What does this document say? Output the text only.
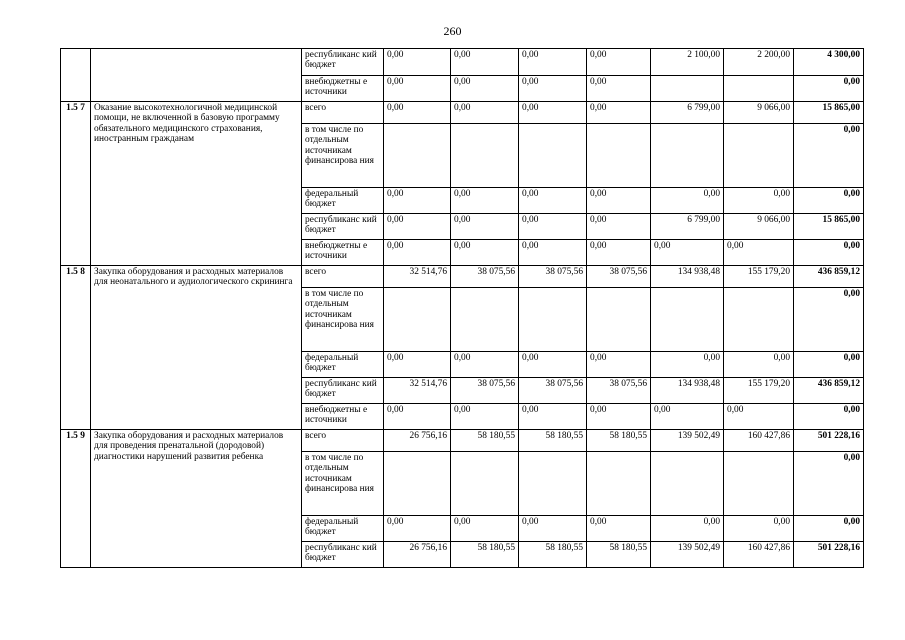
260
		республиканс кий бюджет	0,00	0,00	0,00	0,00	2 100,00	2 200,00	4 300,00
		внебюджетны е источники	0,00	0,00	0,00	0,00			0,00
1.5 7	Оказание высокотехнологичной медицинской помощи, не включенной в базовую программу обязательного медицинского страхования, иностранным гражданам	всего	0,00	0,00	0,00	0,00	6 799,00	9 066,00	15 865,00
		в том числе по отдельным источникам финансирова ния							0,00
		федеральный бюджет	0,00	0,00	0,00	0,00	0,00	0,00	0,00
		республиканс кий бюджет	0,00	0,00	0,00	0,00	6 799,00	9 066,00	15 865,00
		внебюджетны е источники	0,00	0,00	0,00	0,00	0,00	0,00	0,00
1.5 8	Закупка оборудования и расходных материалов для неонатального и аудиологического скрининга	всего	32 514,76	38 075,56	38 075,56	38 075,56	134 938,48	155 179,20	436 859,12
		в том числе по отдельным источникам финансирова ния							0,00
		федеральный бюджет	0,00	0,00	0,00	0,00	0,00	0,00	0,00
		республиканс кий бюджет	32 514,76	38 075,56	38 075,56	38 075,56	134 938,48	155 179,20	436 859,12
		внебюджетны е источники	0,00	0,00	0,00	0,00	0,00	0,00	0,00
1.5 9	Закупка оборудования и расходных материалов для проведения пренатальной (дородовой) диагностики нарушений развития ребенка	всего	26 756,16	58 180,55	58 180,55	58 180,55	139 502,49	160 427,86	501 228,16
		в том числе по отдельным источникам финансирова ния							0,00
		федеральный бюджет	0,00	0,00	0,00	0,00	0,00	0,00	0,00
		республиканс кий бюджет	26 756,16	58 180,55	58 180,55	58 180,55	139 502,49	160 427,86	501 228,16
